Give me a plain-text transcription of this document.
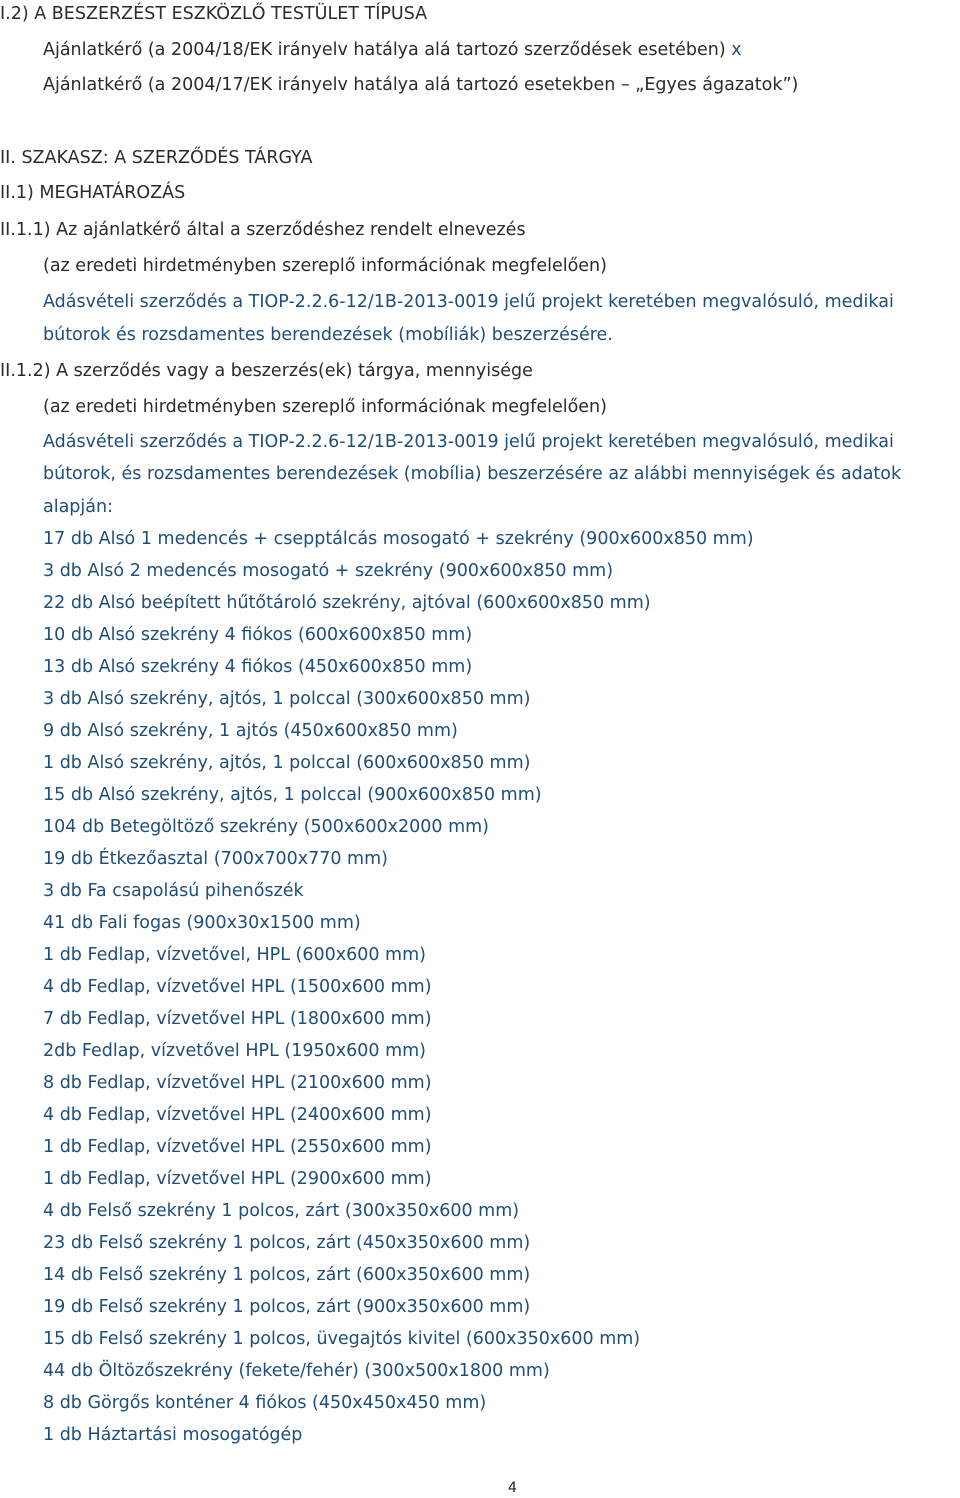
I.2) A BESZERZÉST ESZKÖZLŐ TESTÜLET TÍPUSA
Ajánlatkérő (a 2004/18/EK irányelv hatálya alá tartozó szerződések esetében) x
Ajánlatkérő (a 2004/17/EK irányelv hatálya alá tartozó esetekben – „Egyes ágazatok”)
II. SZAKASZ: A SZERZŐDÉS TÁRGYA
II.1) MEGHATÁROZÁS
II.1.1) Az ajánlatkérő által a szerződéshez rendelt elnevezés
(az eredeti hirdetményben szereplő információnak megfelelően)
Adásvételi szerződés a TIOP-2.2.6-12/1B-2013-0019 jelű projekt keretében megvalósuló, medikai
bútorok és rozsdamentes berendezések (mobíliák) beszerzésére.
II.1.2) A szerződés vagy a beszerzés(ek) tárgya, mennyisége
(az eredeti hirdetményben szereplő információnak megfelelően)
Adásvételi szerződés a TIOP-2.2.6-12/1B-2013-0019 jelű projekt keretében megvalósuló, medikai
bútorok, és rozsdamentes berendezések (mobília) beszerzésére az alábbi mennyiségek és adatok
alapján:
17 db Alsó 1 medencés + csepptálcás mosogató + szekrény (900x600x850 mm)
3 db Alsó 2 medencés mosogató + szekrény (900x600x850 mm)
22 db Alsó beépített hűtőtároló szekrény, ajtóval (600x600x850 mm)
10 db Alsó szekrény 4 fiókos (600x600x850 mm)
13 db Alsó szekrény 4 fiókos (450x600x850 mm)
3 db Alsó szekrény, ajtós, 1 polccal (300x600x850 mm)
9 db Alsó szekrény, 1 ajtós (450x600x850 mm)
1 db Alsó szekrény, ajtós, 1 polccal (600x600x850 mm)
15 db Alsó szekrény, ajtós, 1 polccal (900x600x850 mm)
104 db Betegöltöző szekrény (500x600x2000 mm)
19 db Étkezőasztal (700x700x770 mm)
3 db Fa csapolású pihenőszék
41 db Fali fogas (900x30x1500 mm)
1 db Fedlap, vízvetővel, HPL (600x600 mm)
4 db Fedlap, vízvetővel HPL (1500x600 mm)
7 db Fedlap, vízvetővel HPL (1800x600 mm)
2db Fedlap, vízvetővel HPL (1950x600 mm)
8 db Fedlap, vízvetővel HPL (2100x600 mm)
4 db Fedlap, vízvetővel HPL (2400x600 mm)
1 db Fedlap, vízvetővel HPL (2550x600 mm)
1 db Fedlap, vízvetővel HPL (2900x600 mm)
4 db Felső szekrény 1 polcos, zárt (300x350x600 mm)
23 db Felső szekrény 1 polcos, zárt (450x350x600 mm)
14 db Felső szekrény 1 polcos, zárt (600x350x600 mm)
19 db Felső szekrény 1 polcos, zárt (900x350x600 mm)
15 db Felső szekrény 1 polcos, üvegajtós kivitel (600x350x600 mm)
44 db Öltözőszekrény (fekete/fehér) (300x500x1800 mm)
8 db Görgős konténer 4 fiókos (450x450x450 mm)
1 db Háztartási mosogatógép
4
